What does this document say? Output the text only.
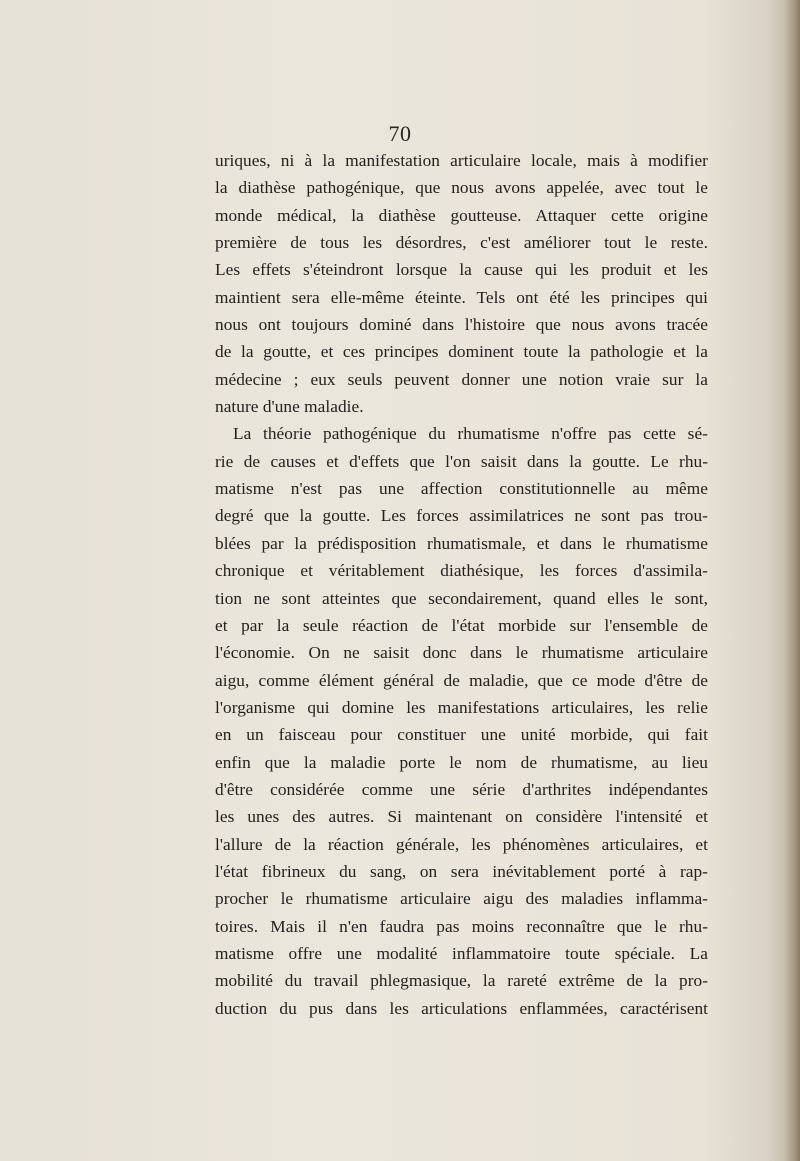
70
uriques, ni à la manifestation articulaire locale, mais à modifier
la diathèse pathogénique, que nous avons appelée, avec tout le
monde médical, la diathèse goutteuse. Attaquer cette origine
première de tous les désordres, c'est améliorer tout le reste.
Les effets s'éteindront lorsque la cause qui les produit et les
maintient sera elle-même éteinte. Tels ont été les principes qui
nous ont toujours dominé dans l'histoire que nous avons tracée
de la goutte, et ces principes dominent toute la pathologie et la
médecine ; eux seuls peuvent donner une notion vraie sur la
nature d'une maladie.
La théorie pathogénique du rhumatisme n'offre pas cette sé-
rie de causes et d'effets que l'on saisit dans la goutte. Le rhu-
matisme n'est pas une affection constitutionnelle au même
degré que la goutte. Les forces assimilatrices ne sont pas trou-
blées par la prédisposition rhumatismale, et dans le rhumatisme
chronique et véritablement diathésique, les forces d'assimila-
tion ne sont atteintes que secondairement, quand elles le sont,
et par la seule réaction de l'état morbide sur l'ensemble de
l'économie. On ne saisit donc dans le rhumatisme articulaire
aigu, comme élément général de maladie, que ce mode d'être de
l'organisme qui domine les manifestations articulaires, les relie
en un faisceau pour constituer une unité morbide, qui fait
enfin que la maladie porte le nom de rhumatisme, au lieu
d'être considérée comme une série d'arthrites indépendantes
les unes des autres. Si maintenant on considère l'intensité et
l'allure de la réaction générale, les phénomènes articulaires, et
l'état fibrineux du sang, on sera inévitablement porté à rap-
procher le rhumatisme articulaire aigu des maladies inflamma-
toires. Mais il n'en faudra pas moins reconnaître que le rhu-
matisme offre une modalité inflammatoire toute spéciale. La
mobilité du travail phlegmasique, la rareté extrême de la pro-
duction du pus dans les articulations enflammées, caractérisent
